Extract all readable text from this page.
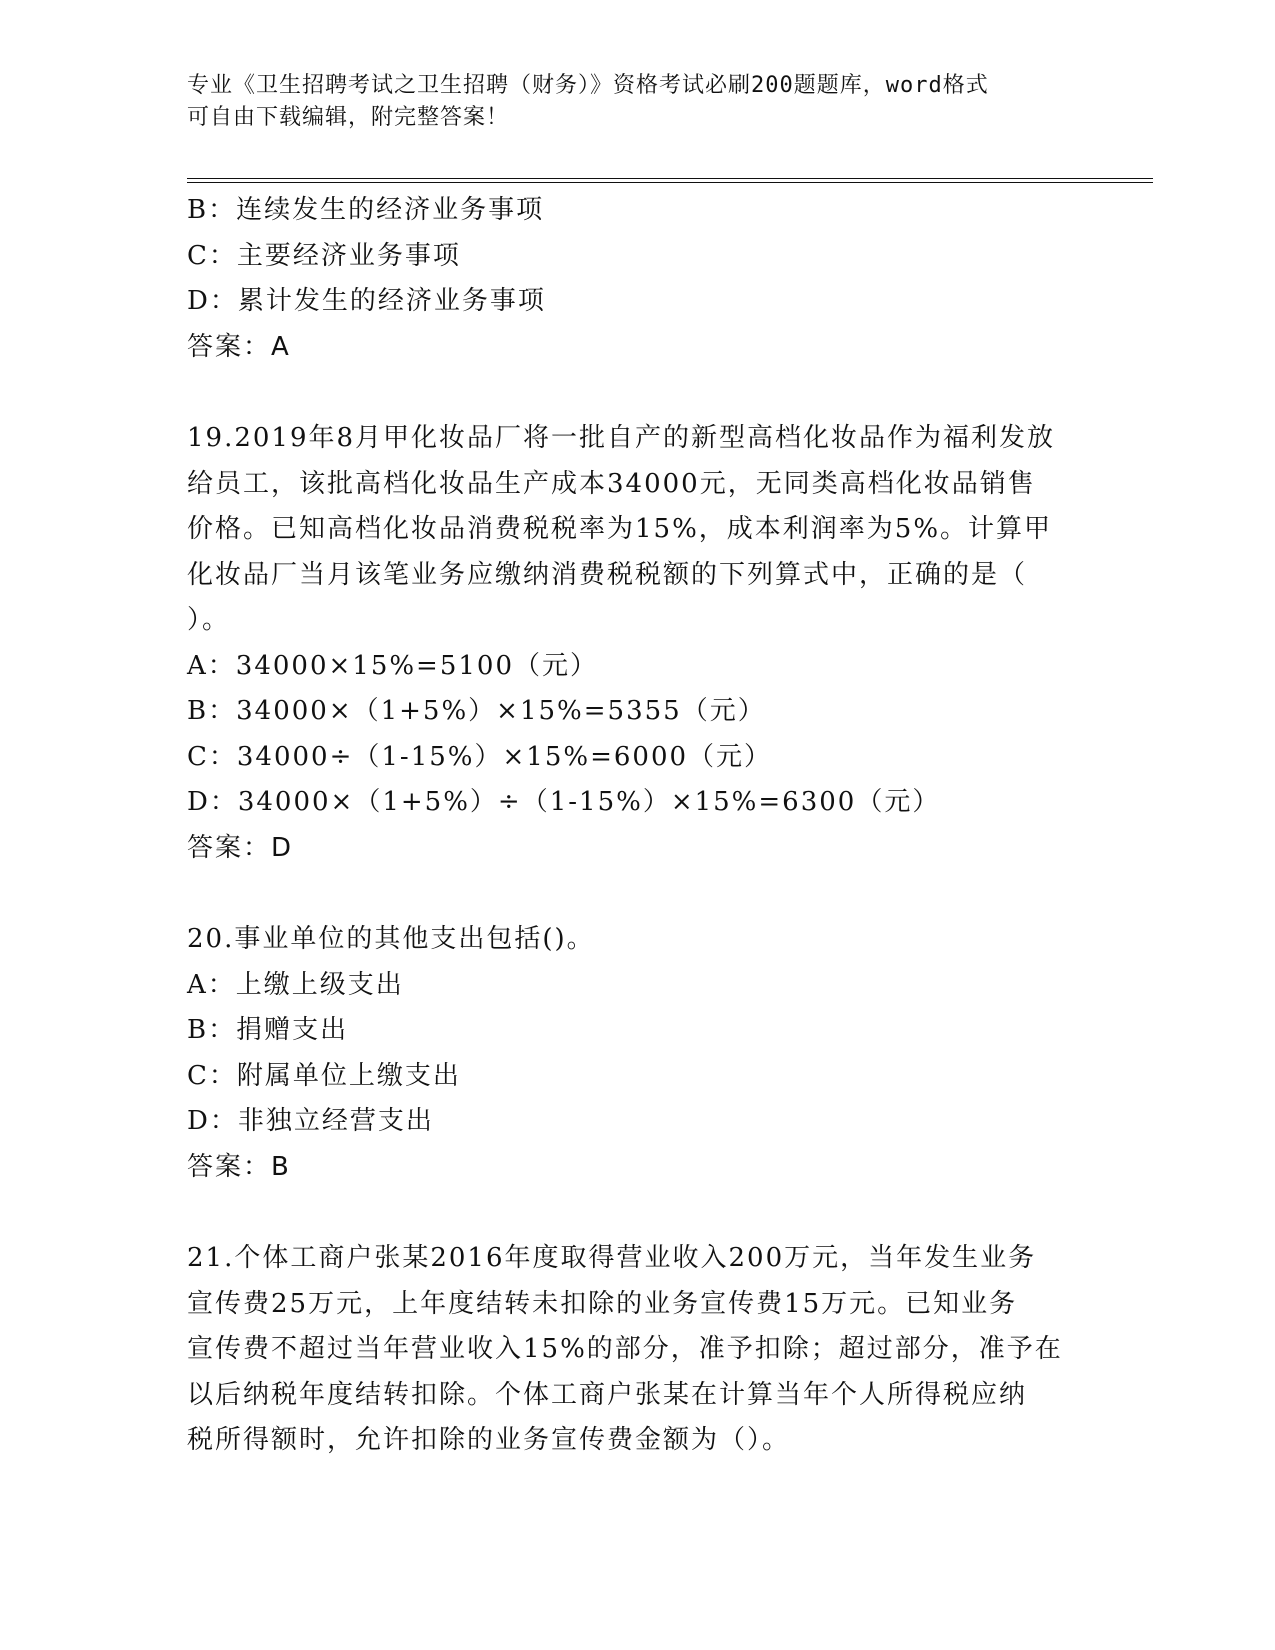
专业《卫生招聘考试之卫生招聘（财务）》资格考试必刷200题题库，word格式
可自由下载编辑，附完整答案！
B：连续发生的经济业务事项
C：主要经济业务事项
D：累计发生的经济业务事项
答案：A
19.2019年8月甲化妆品厂将一批自产的新型高档化妆品作为福利发放
给员工，该批高档化妆品生产成本34000元，无同类高档化妆品销售
价格。已知高档化妆品消费税税率为15%，成本利润率为5%。计算甲
化妆品厂当月该笔业务应缴纳消费税税额的下列算式中，正确的是（
）。
A：34000×15%=5100（元）
B：34000×（1+5%）×15%=5355（元）
C：34000÷（1-15%）×15%=6000（元）
D：34000×（1+5%）÷（1-15%）×15%=6300（元）
答案：D
20.事业单位的其他支出包括()。
A：上缴上级支出
B：捐赠支出
C：附属单位上缴支出
D：非独立经营支出
答案：B
21.个体工商户张某2016年度取得营业收入200万元，当年发生业务
宣传费25万元，上年度结转未扣除的业务宣传费15万元。已知业务
宣传费不超过当年营业收入15%的部分，准予扣除；超过部分，准予在
以后纳税年度结转扣除。个体工商户张某在计算当年个人所得税应纳
税所得额时，允许扣除的业务宣传费金额为（）。
